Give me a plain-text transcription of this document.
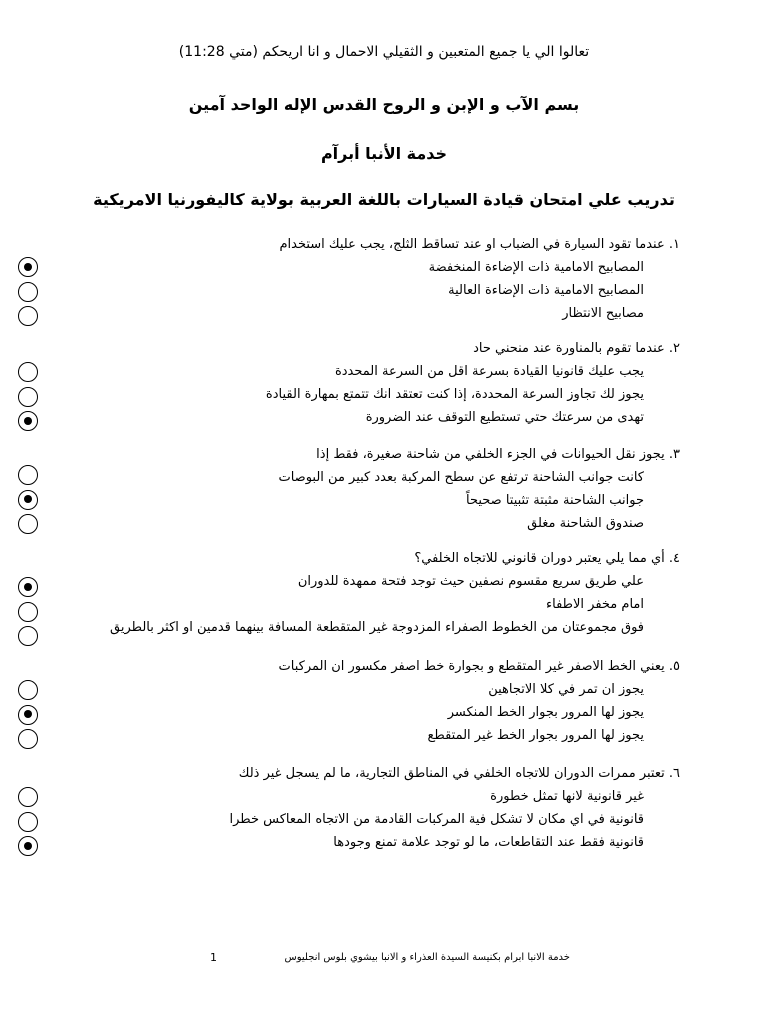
تعالوا الي يا جميع المتعبين و الثقيلي الاحمال و انا اريحكم (متي 11:28)
بسم الآب و الإبن و الروح القدس الإله الواحد آمين
خدمة الأنبا أبرآم
تدريب علي امتحان قيادة السيارات باللغة العربية بولاية كاليفورنيا الامريكية
١. عندما تقود السيارة في الضباب او عند تساقط الثلج، يجب عليك استخدام
المصابيح الامامية ذات الإضاءة المنخفضة
المصابيح الامامية ذات الإضاءة العالية
مصابيح الانتظار
٢. عندما تقوم بالمناورة عند منحني حاد
يجب عليك قانونيا القيادة بسرعة اقل من السرعة المحددة
يجوز لك تجاوز السرعة المحددة، إذا كنت تعتقد انك تتمتع بمهارة القيادة
تهدى من سرعتك حتي تستطيع التوقف عند الضرورة
٣. يجوز نقل الحيوانات في الجزء الخلفي من شاحنة صغيرة، فقط إذا
كانت جوانب الشاحنة ترتفع عن سطح المركبة بعدد كبير من البوصات
جوانب الشاحنة مثبتة تثبيتا صحيحاً
صندوق الشاحنة مغلق
٤. أي مما يلي يعتبر دوران قانوني للاتجاه الخلفي؟
علي طريق سريع مقسوم نصفين حيث توجد فتحة ممهدة للدوران
امام مخفر الاطفاء
فوق مجموعتان من الخطوط الصفراء المزدوجة غير المتقطعة المسافة بينهما قدمين او اكثر بالطريق
٥. يعني الخط الاصفر غير المتقطع و بجوارة خط اصفر مكسور ان المركبات
يجوز ان تمر في كلا الاتجاهين
يجوز لها المرور بجوار الخط المنكسر
يجوز لها المرور بجوار الخط غير المتقطع
٦. تعتبر ممرات الدوران للاتجاه الخلفي في المناطق التجارية، ما لم يسجل غير ذلك
غير قانونية لانها تمثل خطورة
قانونية في اي مكان لا تشكل فية المركبات القادمة من الاتجاه المعاكس خطرا
قانونية فقط عند التقاطعات، ما لو توجد علامة تمنع وجودها
خدمة الانبا ابرام بكنيسة السيدة العذراء و الانبا بيشوي بلوس انجليوس
1
